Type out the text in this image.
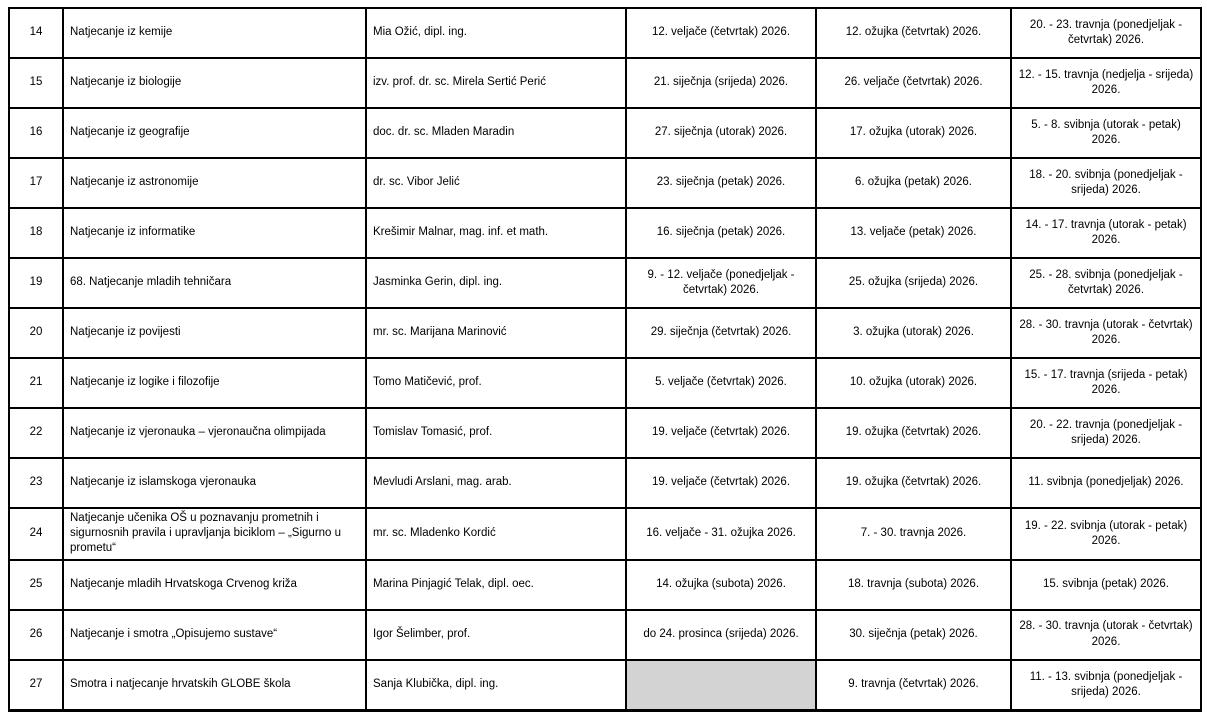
14	Natjecanje iz kemije	Mia Ožić, dipl. ing.	12. veljače (četvrtak) 2026.	12. ožujka (četvrtak) 2026.	20. - 23. travnja (ponedjeljak - četvrtak) 2026.
15	Natjecanje iz biologije	izv. prof. dr. sc. Mirela Sertić Perić	21. siječnja (srijeda) 2026.	26. veljače (četvrtak) 2026.	12. - 15. travnja (nedjelja - srijeda) 2026.
16	Natjecanje iz geografije	doc. dr. sc. Mladen Maradin	27. siječnja (utorak) 2026.	17. ožujka (utorak) 2026.	5. - 8. svibnja (utorak - petak) 2026.
17	Natjecanje iz astronomije	dr. sc. Vibor Jelić	23. siječnja (petak) 2026.	6. ožujka (petak) 2026.	18. - 20. svibnja (ponedjeljak - srijeda) 2026.
18	Natjecanje iz informatike	Krešimir Malnar, mag. inf. et math.	16. siječnja (petak) 2026.	13. veljače (petak) 2026.	14. - 17. travnja (utorak - petak) 2026.
19	68. Natjecanje mladih tehničara	Jasminka Gerin, dipl. ing.	9. - 12. veljače (ponedjeljak - četvrtak) 2026.	25. ožujka (srijeda) 2026.	25. - 28. svibnja (ponedjeljak - četvrtak) 2026.
20	Natjecanje iz povijesti	mr. sc. Marijana Marinović	29. siječnja (četvrtak) 2026.	3. ožujka (utorak) 2026.	28. - 30. travnja (utorak - četvrtak) 2026.
21	Natjecanje iz logike i filozofije	Tomo Matičević, prof.	5. veljače (četvrtak) 2026.	10. ožujka (utorak) 2026.	15. - 17. travnja (srijeda - petak) 2026.
22	Natjecanje iz vjeronauka – vjeronaučna olimpijada	Tomislav Tomasić, prof.	19. veljače (četvrtak) 2026.	19. ožujka (četvrtak) 2026.	20. - 22. travnja (ponedjeljak - srijeda) 2026.
23	Natjecanje iz islamskoga vjeronauka	Mevludi Arslani, mag. arab.	19. veljače (četvrtak) 2026.	19. ožujka (četvrtak) 2026.	11. svibnja (ponedjeljak) 2026.
24	Natjecanje učenika OŠ u poznavanju prometnih i sigurnosnih pravila i upravljanja biciklom – „Sigurno u prometu“	mr. sc. Mladenko Kordić	16. veljače - 31. ožujka 2026.	7. - 30. travnja 2026.	19. - 22. svibnja (utorak - petak) 2026.
25	Natjecanje mladih Hrvatskoga Crvenog križa	Marina Pinjagić Telak, dipl. oec.	14. ožujka (subota) 2026.	18. travnja (subota) 2026.	15. svibnja (petak) 2026.
26	Natjecanje i smotra „Opisujemo sustave“	Igor Šelimber, prof.	do 24. prosinca (srijeda) 2026.	30. siječnja (petak) 2026.	28. - 30. travnja (utorak - četvrtak) 2026.
27	Smotra i natjecanje hrvatskih GLOBE škola	Sanja Klubička, dipl. ing.		9. travnja (četvrtak) 2026.	11. - 13. svibnja (ponedjeljak - srijeda) 2026.
